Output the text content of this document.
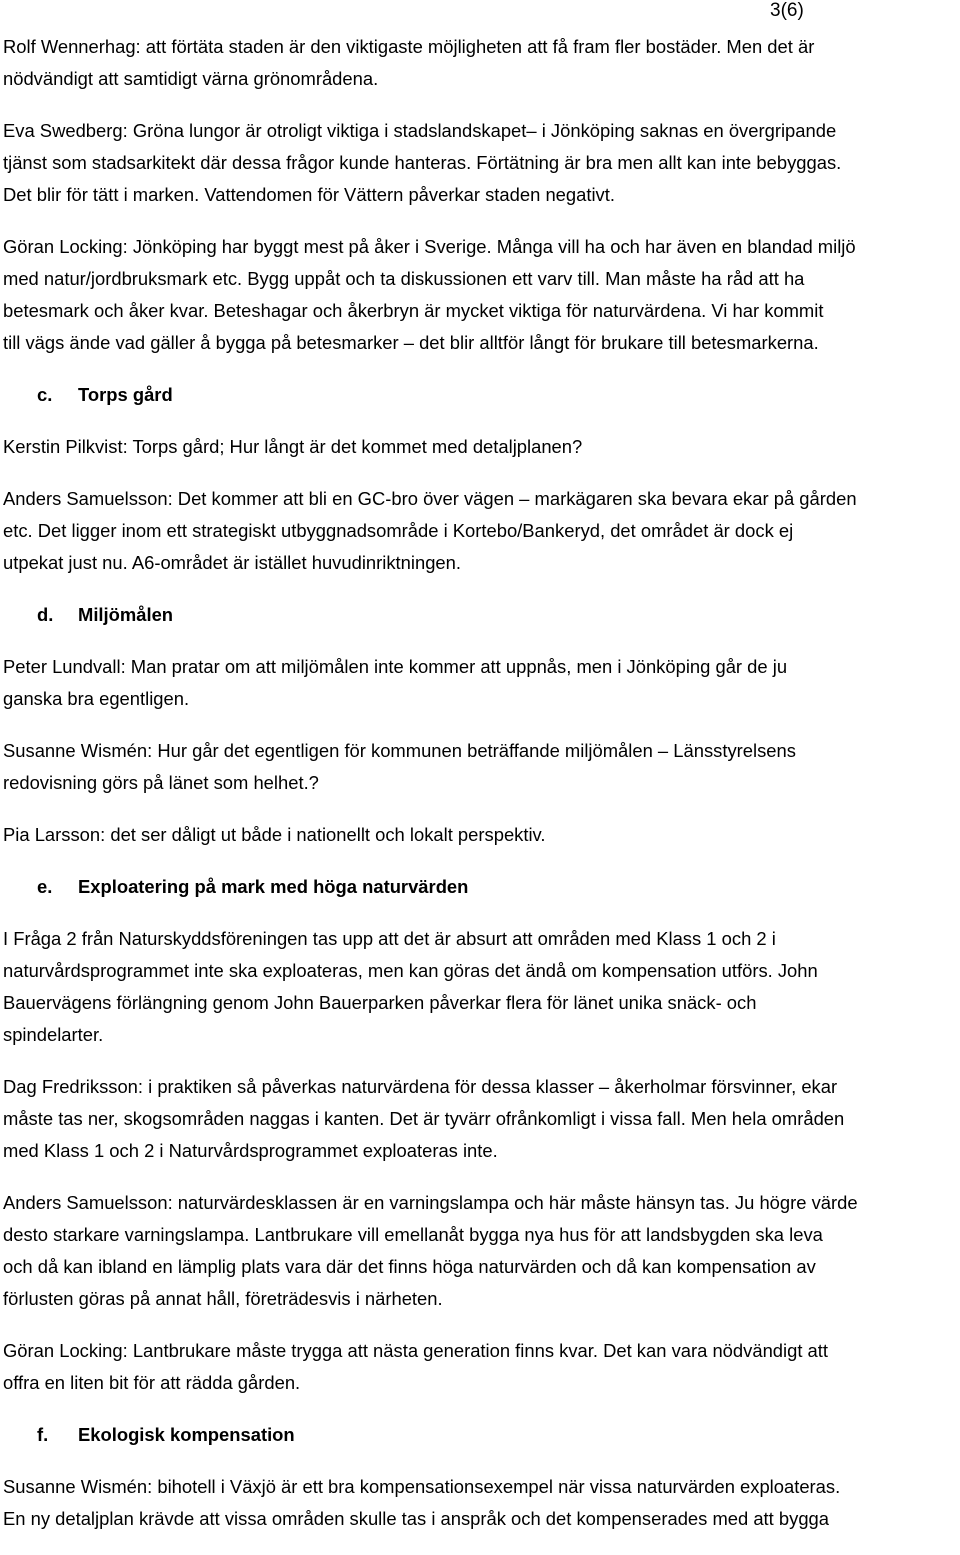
3(6)
Rolf Wennerhag: att förtäta staden är den viktigaste möjligheten att få fram fler bostäder. Men det är
nödvändigt att samtidigt värna grönområdena.
Eva Swedberg: Gröna lungor är otroligt viktiga i stadslandskapet– i Jönköping saknas en övergripande
tjänst som stadsarkitekt där dessa frågor kunde hanteras. Förtätning är bra men allt kan inte bebyggas.
Det blir för tätt i marken. Vattendomen för Vättern påverkar staden negativt.
Göran Locking: Jönköping har byggt mest på åker i Sverige. Många vill ha och har även en blandad miljö
med natur/jordbruksmark etc. Bygg uppåt och ta diskussionen ett varv till. Man måste ha råd att ha
betesmark och åker kvar. Beteshagar och åkerbryn är mycket viktiga för naturvärdena. Vi har kommit
till vägs ände vad gäller å bygga på betesmarker – det blir alltför långt för brukare till betesmarkerna.
c. Torps gård
Kerstin Pilkvist: Torps gård; Hur långt är det kommet med detaljplanen?
Anders Samuelsson: Det kommer att bli en GC-bro över vägen – markägaren ska bevara ekar på gården
etc. Det ligger inom ett strategiskt utbyggnadsområde i Kortebo/Bankeryd, det området är dock ej
utpekat just nu. A6-området är istället huvudinriktningen.
d. Miljömålen
Peter Lundvall: Man pratar om att miljömålen inte kommer att uppnås, men i Jönköping går de ju
ganska bra egentligen.
Susanne Wismén: Hur går det egentligen för kommunen beträffande miljömålen – Länsstyrelsens
redovisning görs på länet som helhet.?
Pia Larsson: det ser dåligt ut både i nationellt och lokalt perspektiv.
e. Exploatering på mark med höga naturvärden
I Fråga 2 från Naturskyddsföreningen tas upp att det är absurt att områden med Klass 1 och 2 i
naturvårdsprogrammet inte ska exploateras, men kan göras det ändå om kompensation utförs. John
Bauervägens förlängning genom John Bauerparken påverkar flera för länet unika snäck- och
spindelarter.
Dag Fredriksson: i praktiken så påverkas naturvärdena för dessa klasser – åkerholmar försvinner, ekar
måste tas ner, skogsområden naggas i kanten. Det är tyvärr ofrånkomligt i vissa fall. Men hela områden
med Klass 1 och 2 i Naturvårdsprogrammet exploateras inte.
Anders Samuelsson: naturvärdesklassen är en varningslampa och här måste hänsyn tas. Ju högre värde
desto starkare varningslampa. Lantbrukare vill emellanåt bygga nya hus för att landsbygden ska leva
och då kan ibland en lämplig plats vara där det finns höga naturvärden och då kan kompensation av
förlusten göras på annat håll, företrädesvis i närheten.
Göran Locking: Lantbrukare måste trygga att nästa generation finns kvar. Det kan vara nödvändigt att
offra en liten bit för att rädda gården.
f. Ekologisk kompensation
Susanne Wismén: bihotell i Växjö är ett bra kompensationsexempel när vissa naturvärden exploateras.
En ny detaljplan krävde att vissa områden skulle tas i anspråk och det kompenserades med att bygga
